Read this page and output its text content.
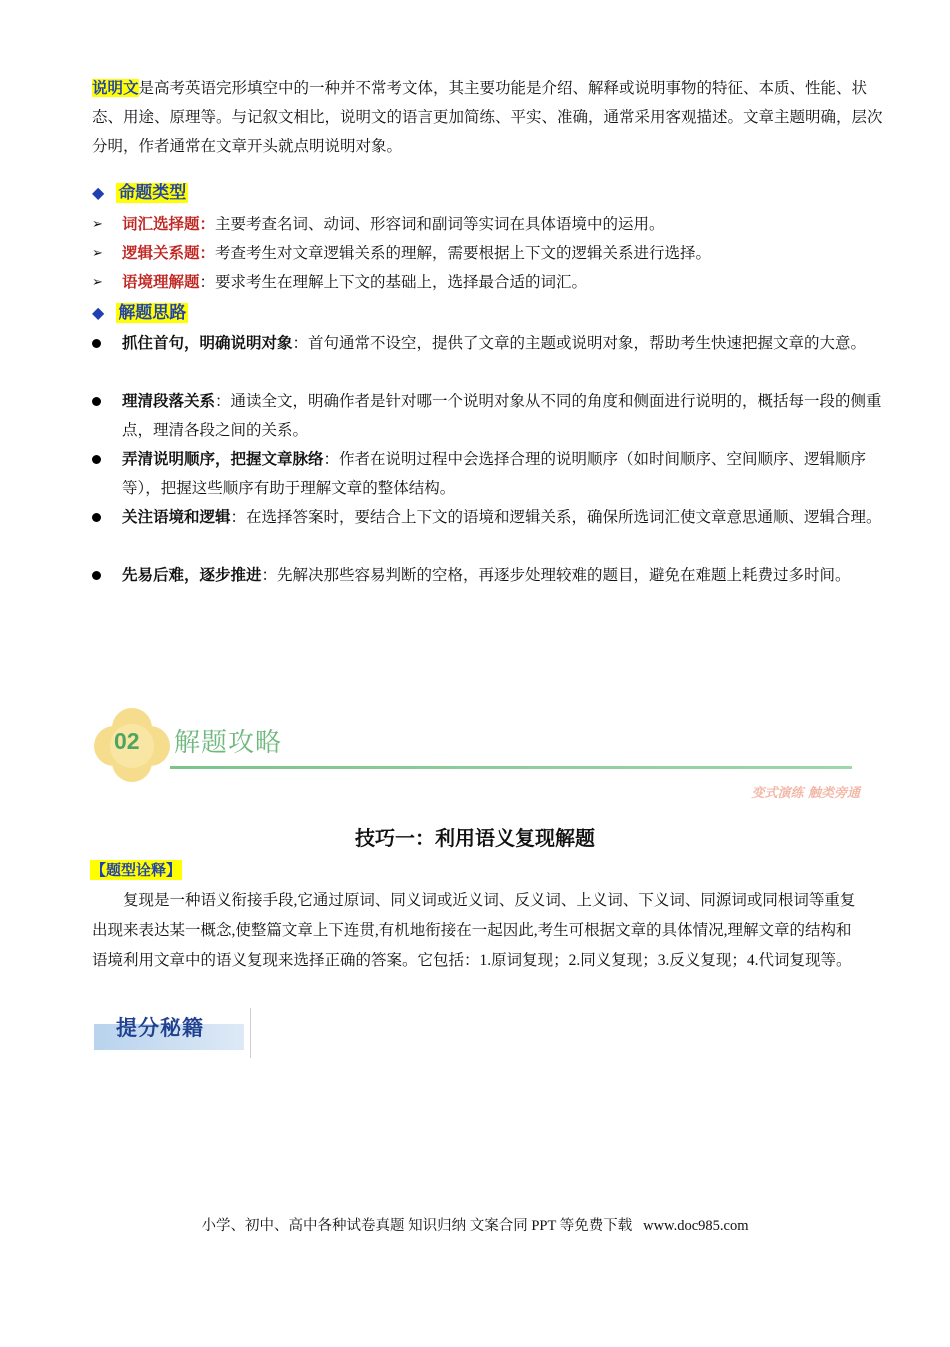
说明文是高考英语完形填空中的一种并不常考文体，其主要功能是介绍、解释或说明事物的特征、本质、性能、状态、用途、原理等。与记叙文相比，说明文的语言更加简练、平实、准确，通常采用客观描述。文章主题明确，层次分明，作者通常在文章开头就点明说明对象。
◆ 命题类型
➢ 词汇选择题：主要考查名词、动词、形容词和副词等实词在具体语境中的运用。
➢ 逻辑关系题：考查考生对文章逻辑关系的理解，需要根据上下文的逻辑关系进行选择。
➢ 语境理解题：要求考生在理解上下文的基础上，选择最合适的词汇。
◆ 解题思路
抓住首句，明确说明对象：首句通常不设空，提供了文章的主题或说明对象，帮助考生快速把握文章的大意。
理清段落关系：通读全文，明确作者是针对哪一个说明对象从不同的角度和侧面进行说明的，概括每一段的侧重点，理清各段之间的关系。
弄清说明顺序，把握文章脉络：作者在说明过程中会选择合理的说明顺序（如时间顺序、空间顺序、逻辑顺序等），把握这些顺序有助于理解文章的整体结构。
关注语境和逻辑：在选择答案时，要结合上下文的语境和逻辑关系，确保所选词汇使文章意思通顺、逻辑合理。
先易后难，逐步推进：先解决那些容易判断的空格，再逐步处理较难的题目，避免在难题上耗费过多时间。
02 解题攻略
变式演练 触类旁通
技巧一：利用语义复现解题
【题型诠释】
复现是一种语义衔接手段,它通过原词、同义词或近义词、反义词、上义词、下义词、同源词或同根词等重复出现来表达某一概念,使整篇文章上下连贯,有机地衔接在一起因此,考生可根据文章的具体情况,理解文章的结构和语境利用文章中的语义复现来选择正确的答案。它包括：1.原词复现；2.同义复现；3.反义复现；4.代词复现等。
提分秘籍
小学、初中、高中各种试卷真题 知识归纳 文案合同 PPT 等免费下载   www.doc985.com
